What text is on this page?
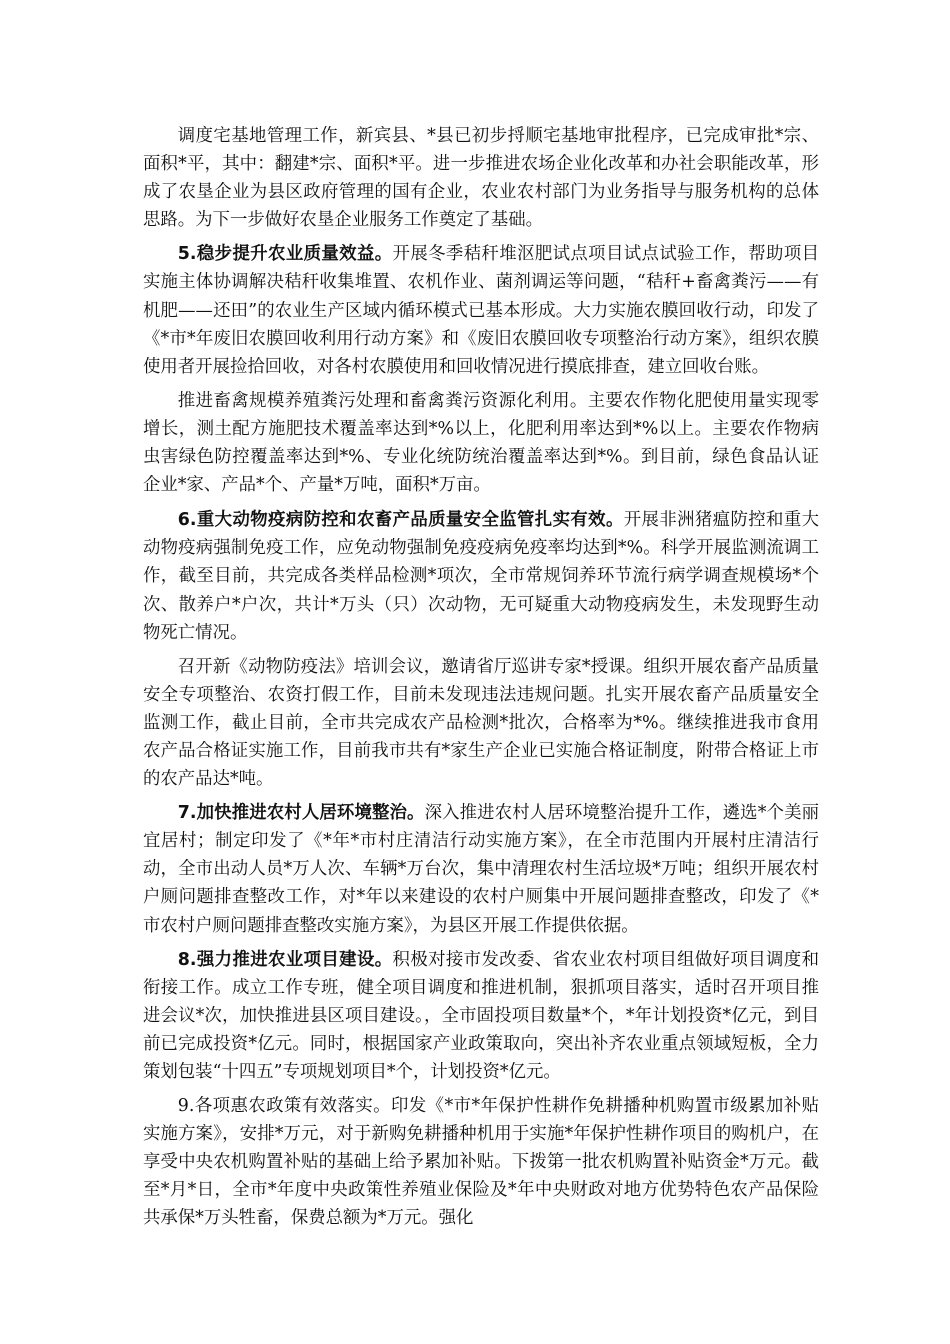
调度宅基地管理工作，新宾县、*县已初步捋顺宅基地审批程序，已完成审批*宗、面积*平，其中：翻建*宗、面积*平。进一步推进农场企业化改革和办社会职能改革，形成了农垦企业为县区政府管理的国有企业，农业农村部门为业务指导与服务机构的总体思路。为下一步做好农垦企业服务工作奠定了基础。

5.稳步提升农业质量效益。开展冬季秸秆堆沤肥试点项目试点试验工作，帮助项目实施主体协调解决秸秆收集堆置、农机作业、菌剂调运等问题，“秸秆+畜禽粪污——有机肥——还田”的农业生产区域内循环模式已基本形成。大力实施农膜回收行动，印发了《*市*年废旧农膜回收利用行动方案》和《废旧农膜回收专项整治行动方案》，组织农膜使用者开展捡拾回收，对各村农膜使用和回收情况进行摸底排查，建立回收台账。

推进畜禽规模养殖粪污处理和畜禽粪污资源化利用。主要农作物化肥使用量实现零增长，测土配方施肥技术覆盖率达到*%以上，化肥利用率达到*%以上。主要农作物病虫害绿色防控覆盖率达到*%、专业化统防统治覆盖率达到*%。到目前，绿色食品认证企业*家、产品*个、产量*万吨，面积*万亩。

6.重大动物疫病防控和农畜产品质量安全监管扎实有效。开展非洲猪瘟防控和重大动物疫病强制免疫工作，应免动物强制免疫疫病免疫率均达到*%。科学开展监测流调工作，截至目前，共完成各类样品检测*项次，全市常规饲养环节流行病学调查规模场*个次、散养户*户次，共计*万头（只）次动物，无可疑重大动物疫病发生，未发现野生动物死亡情况。

召开新《动物防疫法》培训会议，邀请省厅巡讲专家*授课。组织开展农畜产品质量安全专项整治、农资打假工作，目前未发现违法违规问题。扎实开展农畜产品质量安全监测工作，截止目前，全市共完成农产品检测*批次，合格率为*%。继续推进我市食用农产品合格证实施工作，目前我市共有*家生产企业已实施合格证制度，附带合格证上市的农产品达*吨。

7.加快推进农村人居环境整治。深入推进农村人居环境整治提升工作，遴选*个美丽宜居村；制定印发了《*年*市村庄清洁行动实施方案》，在全市范围内开展村庄清洁行动，全市出动人员*万人次、车辆*万台次，集中清理农村生活垃圾*万吨；组织开展农村户厕问题排查整改工作，对*年以来建设的农村户厕集中开展问题排查整改，印发了《*市农村户厕问题排查整改实施方案》，为县区开展工作提供依据。

8.强力推进农业项目建设。积极对接市发改委、省农业农村项目组做好项目调度和衔接工作。成立工作专班，健全项目调度和推进机制，狠抓项目落实，适时召开项目推进会议*次，加快推进县区项目建设。，全市固投项目数量*个，*年计划投资*亿元，到目前已完成投资*亿元。同时，根据国家产业政策取向，突出补齐农业重点领域短板，全力策划包装“十四五”专项规划项目*个，计划投资*亿元。

9.各项惠农政策有效落实。印发《*市*年保护性耕作免耕播种机购置市级累加补贴实施方案》，安排*万元，对于新购免耕播种机用于实施*年保护性耕作项目的购机户，在享受中央农机购置补贴的基础上给予累加补贴。下拨第一批农机购置补贴资金*万元。截至*月*日，全市*年度中央政策性养殖业保险及*年中央财政对地方优势特色农产品保险共承保*万头牲畜，保费总额为*万元。强化
